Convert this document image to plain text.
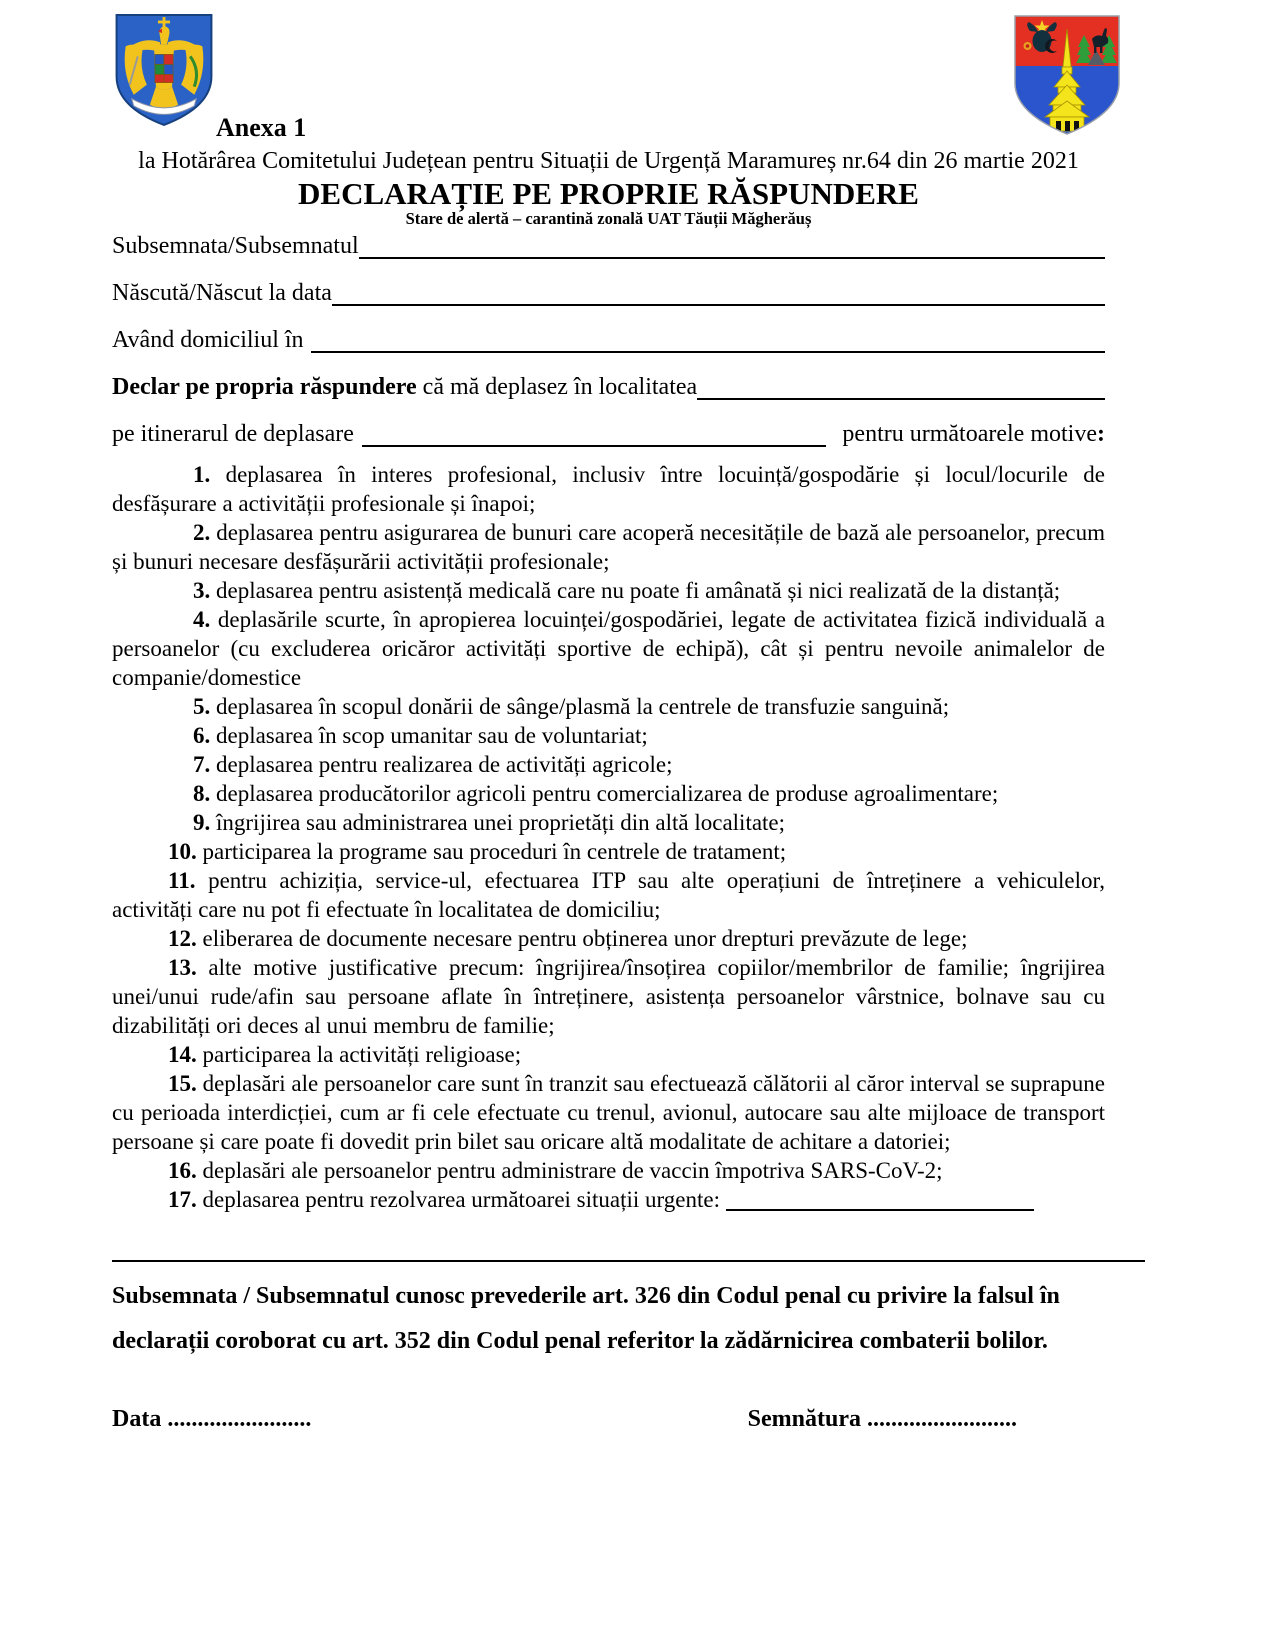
Anexa 1
la Hotărârea Comitetului Județean pentru Situații de Urgență Maramureș nr.64 din 26 martie 2021
DECLARAȚIE PE PROPRIE RĂSPUNDERE
Stare de alertă – carantină zonală UAT Tăuții Măgherăuș
Subsemnata/Subsemnatul
Născută/Născut la data
Având domiciliul în
Declar pe propria răspundere că mă deplasez în localitatea
pe itinerarul de deplasare	pentru următoarele motive:

1. deplasarea în interes profesional, inclusiv între locuință/gospodărie și locul/locurile de desfășurare a activității profesionale și înapoi;

2. deplasarea pentru asigurarea de bunuri care acoperă necesitățile de bază ale persoanelor, precum și bunuri necesare desfășurării activității profesionale;

3. deplasarea pentru asistență medicală care nu poate fi amânată și nici realizată de la distanță;

4. deplasările scurte, în apropierea locuinței/gospodăriei, legate de activitatea fizică individuală a persoanelor (cu excluderea oricăror activități sportive de echipă), cât și pentru nevoile animalelor de companie/domestice

5. deplasarea în scopul donării de sânge/plasmă la centrele de transfuzie sanguină;

6. deplasarea în scop umanitar sau de voluntariat;

7. deplasarea pentru realizarea de activități agricole;

8. deplasarea producătorilor agricoli pentru comercializarea de produse agroalimentare;

9. îngrijirea sau administrarea unei proprietăți din altă localitate;

10. participarea la programe sau proceduri în centrele de tratament;

11. pentru achiziția, service-ul, efectuarea ITP sau alte operațiuni de întreținere a vehiculelor, activități care nu pot fi efectuate în localitatea de domiciliu;

12. eliberarea de documente necesare pentru obținerea unor drepturi prevăzute de lege;

13. alte motive justificative precum: îngrijirea/însoțirea copiilor/membrilor de familie; îngrijirea unei/unui rude/afin sau persoane aflate în întreținere, asistența persoanelor vârstnice, bolnave sau cu dizabilități ori deces al unui membru de familie;

14. participarea la activități religioase;

15. deplasări ale persoanelor care sunt în tranzit sau efectuează călătorii al căror interval se suprapune cu perioada interdicției, cum ar fi cele efectuate cu trenul, avionul, autocare sau alte mijloace de transport persoane și care poate fi dovedit prin bilet sau oricare altă modalitate de achitare a datoriei;

16. deplasări ale persoanelor pentru administrare de vaccin împotriva SARS-CoV-2;

17. deplasarea pentru rezolvarea următoarei situații urgente:

Subsemnata / Subsemnatul cunosc prevederile art. 326 din Codul penal cu privire la falsul în declarații coroborat cu art. 352 din Codul penal referitor la zădărnicirea combaterii bolilor.

Data ........................	Semnătura .........................
